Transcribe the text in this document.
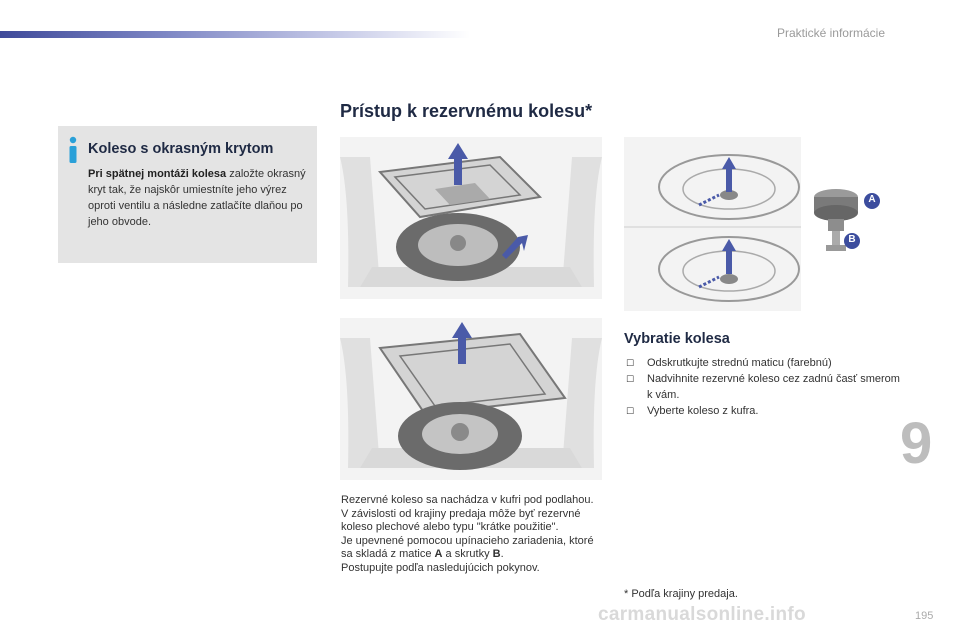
Praktické informácie
Prístup k rezervnému kolesu*
Koleso s okrasným krytom
Pri spätnej montáži kolesa založte okrasný kryt tak, že najskôr umiestníte jeho výrez oproti ventilu a následne zatlačíte dlaňou po jeho obvode.
A
B

Rezervné koleso sa nachádza v kufri pod podlahou.

V závislosti od krajiny predaja môže byť rezervné koleso plechové alebo typu "krátke použitie".

Je upevnené pomocou upínacieho zariadenia, ktoré sa skladá z matice A a skrutky B.

Postupujte podľa nasledujúcich pokynov.

Vybratie kolesa
☐ Odskrutkujte strednú maticu (farebnú)
☐ Nadvihnite rezervné koleso cez zadnú časť smerom k vám.
☐ Vyberte koleso z kufra.
* Podľa krajiny predaja.
9
carmanualsonline.info	195
